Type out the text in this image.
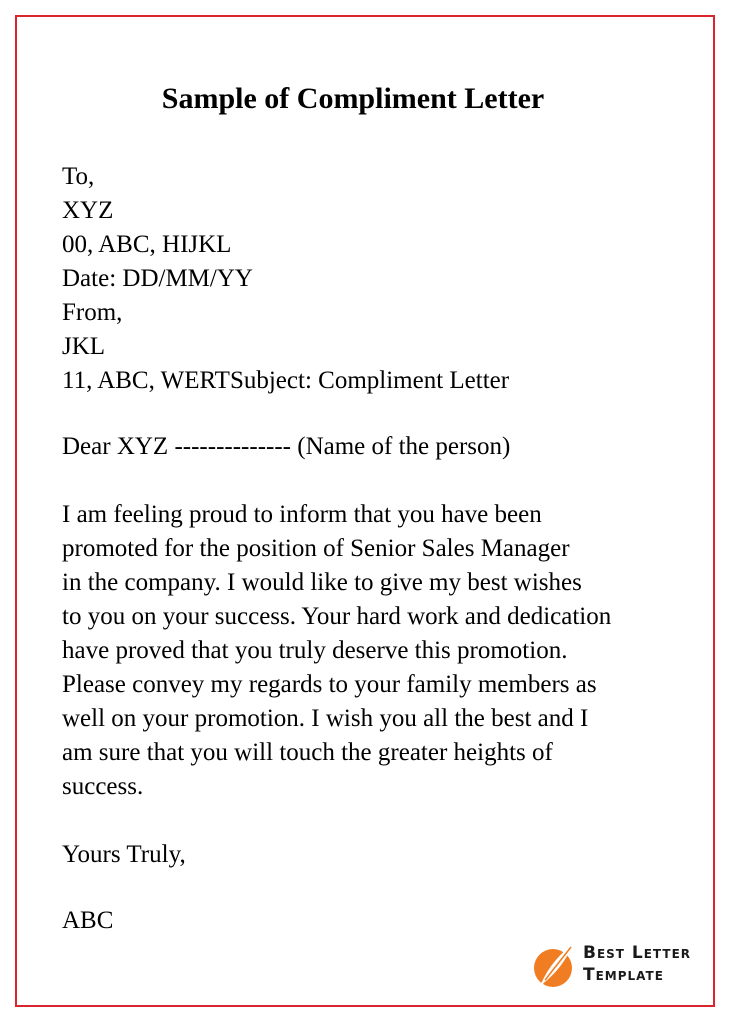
Sample of Compliment Letter
To,
XYZ
00, ABC, HIJKL
Date: DD/MM/YY
From,
JKL
11, ABC, WERTSubject: Compliment Letter

Dear XYZ -------------- (Name of the person)

I am feeling proud to inform that you have been
promoted for the position of Senior Sales Manager
in the company. I would like to give my best wishes
to you on your success. Your hard work and dedication
have proved that you truly deserve this promotion.
Please convey my regards to your family members as
well on your promotion. I wish you all the best and I
am sure that you will touch the greater heights of
success.

Yours Truly,

ABC

Best Letter
Template
